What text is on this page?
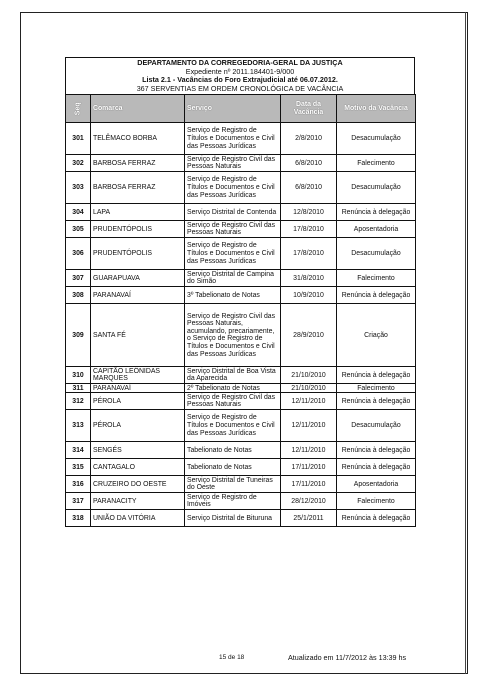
DEPARTAMENTO DA CORREGEDORIA-GERAL DA JUSTIÇA
Expediente nº 2011.184401-9/000
Lista 2.1 - Vacâncias do Foro Extrajudicial até 06.07.2012.
367 SERVENTIAS EM ORDEM CRONOLÓGICA DE VACÂNCIA
Seq	Comarca	Serviço	Data da Vacância	Motivo da Vacância
301	TELÊMACO BORBA	Serviço de Registro de Títulos e Documentos e Civil das Pessoas Jurídicas	2/8/2010	Desacumulação
302	BARBOSA FERRAZ	Serviço de Registro Civil das Pessoas Naturais	6/8/2010	Falecimento
303	BARBOSA FERRAZ	Serviço de Registro de Títulos e Documentos e Civil das Pessoas Jurídicas	6/8/2010	Desacumulação
304	LAPA	Serviço Distrital de Contenda	12/8/2010	Renúncia à delegação
305	PRUDENTÓPOLIS	Serviço de Registro Civil das Pessoas Naturais	17/8/2010	Aposentadoria
306	PRUDENTÓPOLIS	Serviço de Registro de Títulos e Documentos e Civil das Pessoas Jurídicas	17/8/2010	Desacumulação
307	GUARAPUAVA	Serviço Distrital de Campina do Simão	31/8/2010	Falecimento
308	PARANAVAÍ	3º Tabelionato de Notas	10/9/2010	Renúncia à delegação
309	SANTA FÉ	Serviço de Registro Civil das Pessoas Naturais, acumulando, precariamente, o Serviço de Registro de Títulos e Documentos e Civil das Pessoas Jurídicas	28/9/2010	Criação
310	CAPITÃO LEÔNIDAS MARQUES	Serviço Distrital de Boa Vista da Aparecida	21/10/2010	Renúncia à delegação
311	PARANAVAÍ	2º Tabelionato de Notas	21/10/2010	Falecimento
312	PÉROLA	Serviço de Registro Civil das Pessoas Naturais	12/11/2010	Renúncia à delegação
313	PÉROLA	Serviço de Registro de Títulos e Documentos e Civil das Pessoas Jurídicas	12/11/2010	Desacumulação
314	SENGÉS	Tabelionato de Notas	12/11/2010	Renúncia à delegação
315	CANTAGALO	Tabelionato de Notas	17/11/2010	Renúncia à delegação
316	CRUZEIRO DO OESTE	Serviço Distrital de Tuneiras do Oeste	17/11/2010	Aposentadoria
317	PARANACITY	Serviço de Registro de Imóveis	28/12/2010	Falecimento
318	UNIÃO DA VITÓRIA	Serviço Distrital de Bituruna	25/1/2011	Renúncia à delegação
15 de 18	Atualizado em 11/7/2012 às 13:39 hs
